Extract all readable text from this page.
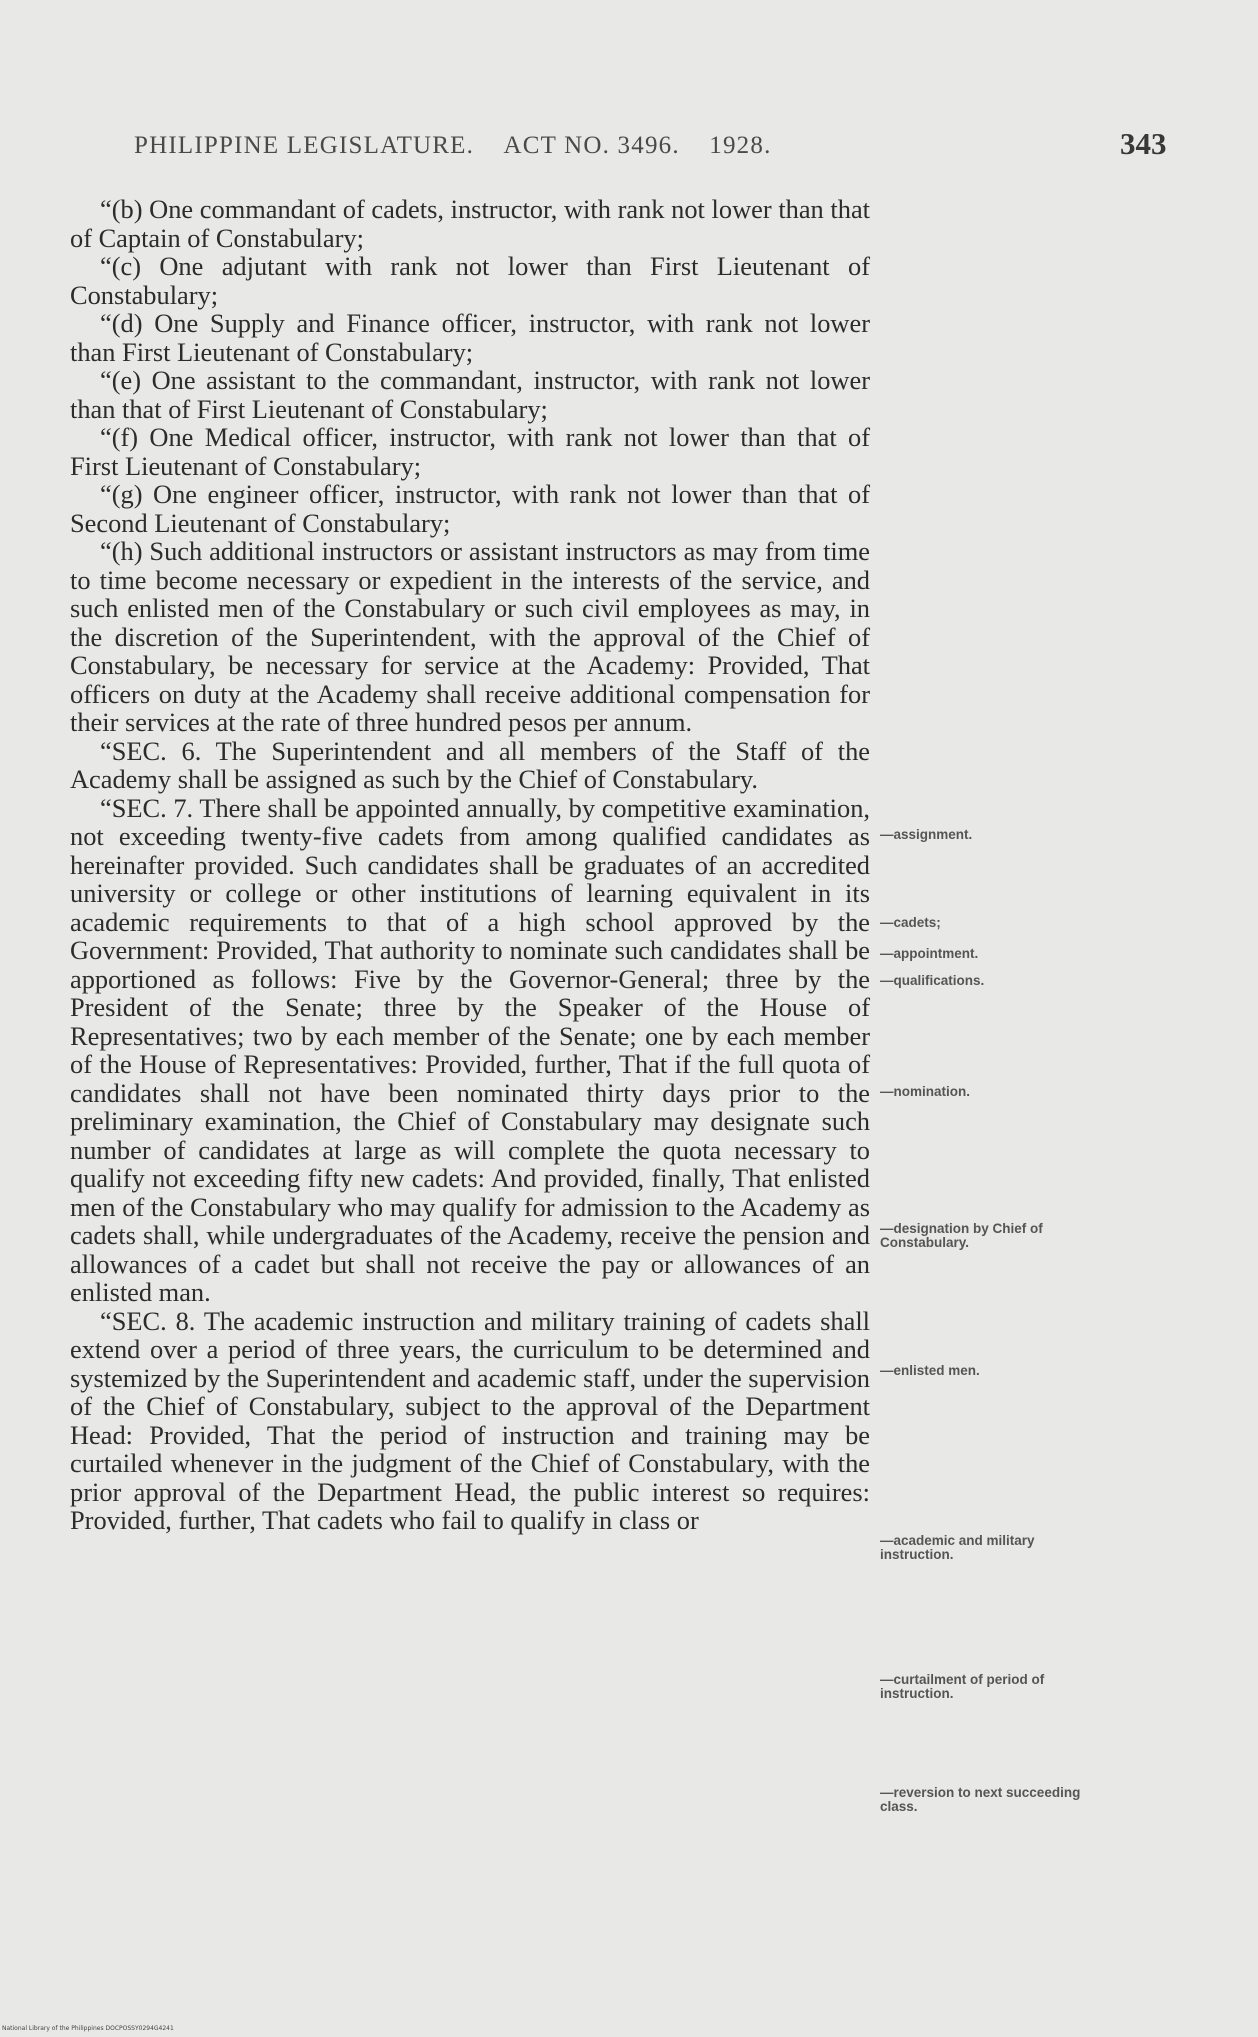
PHILIPPINE LEGISLATURE. ACT NO. 3496. 1928.	343

“(b) One commandant of cadets, instructor, with rank not lower than that of Captain of Constabulary;

“(c) One adjutant with rank not lower than First Lieutenant of Constabulary;

“(d) One Supply and Finance officer, instructor, with rank not lower than First Lieutenant of Constabulary;

“(e) One assistant to the commandant, instructor, with rank not lower than that of First Lieutenant of Constabulary;

“(f) One Medical officer, instructor, with rank not lower than that of First Lieutenant of Constabulary;

“(g) One engineer officer, instructor, with rank not lower than that of Second Lieutenant of Constabulary;

“(h) Such additional instructors or assistant instructors as may from time to time become necessary or expedient in the interests of the service, and such enlisted men of the Constabulary or such civil employees as may, in the discretion of the Superintendent, with the approval of the Chief of Constabulary, be necessary for service at the Academy: Provided, That officers on duty at the Academy shall receive additional compensation for their services at the rate of three hundred pesos per annum.

“SEC. 6. The Superintendent and all members of the Staff of the Academy shall be assigned as such by the Chief of Constabulary.

“SEC. 7. There shall be appointed annually, by competitive examination, not exceeding twenty-five cadets from among qualified candidates as hereinafter provided. Such candidates shall be graduates of an accredited university or college or other institutions of learning equivalent in its academic requirements to that of a high school approved by the Government: Provided, That authority to nominate such candidates shall be apportioned as follows: Five by the Governor-General; three by the President of the Senate; three by the Speaker of the House of Representatives; two by each member of the Senate; one by each member of the House of Representatives: Provided, further, That if the full quota of candidates shall not have been nominated thirty days prior to the preliminary examination, the Chief of Constabulary may designate such number of candidates at large as will complete the quota necessary to qualify not exceeding fifty new cadets: And provided, finally, That enlisted men of the Constabulary who may qualify for admission to the Academy as cadets shall, while undergraduates of the Academy, receive the pension and allowances of a cadet but shall not receive the pay or allowances of an enlisted man.

“SEC. 8. The academic instruction and military training of cadets shall extend over a period of three years, the curriculum to be determined and systemized by the Superintendent and academic staff, under the supervision of the Chief of Constabulary, subject to the approval of the Department Head: Provided, That the period of instruction and training may be curtailed whenever in the judgment of the Chief of Constabulary, with the prior approval of the Department Head, the public interest so requires: Provided, further, That cadets who fail to qualify in class or

—assignment.
—cadets;
—appointment.
—qualifications.
—nomination.
—designation by Chief of Constabulary.
—enlisted men.
—academic and military instruction.
—curtailment of period of instruction.
—reversion to next succeeding class.
National Library of the Philippines DOCPOSSY0294G4241
